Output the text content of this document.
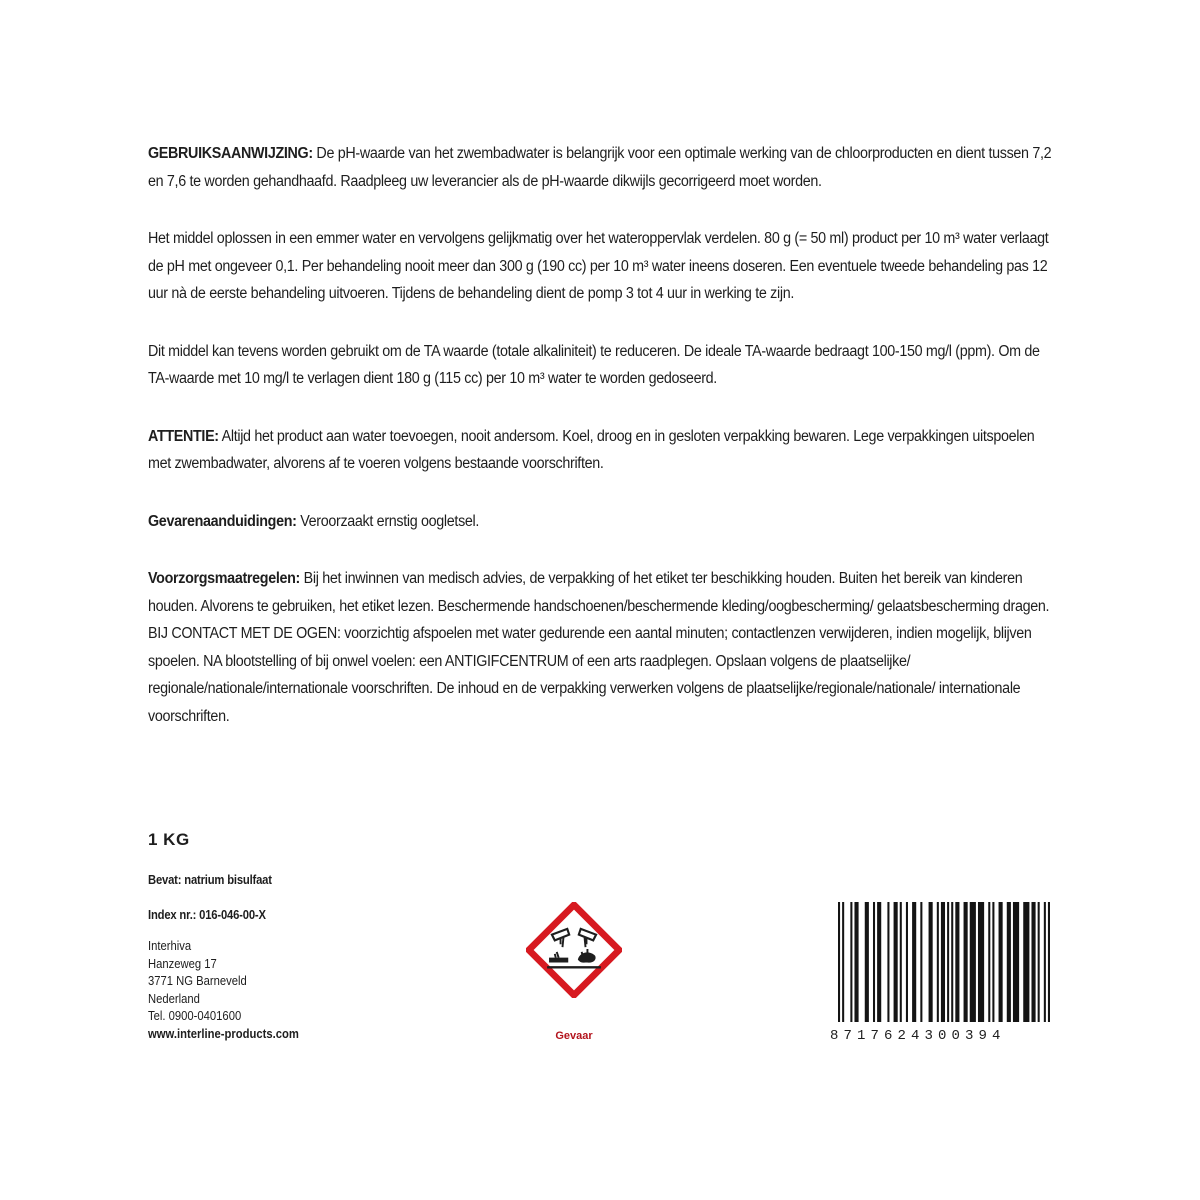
GEBRUIKSAANWIJZING: De pH-waarde van het zwembadwater is belangrijk voor een optimale werking van de chloorproducten en dient tussen 7,2 en 7,6 te worden gehandhaafd. Raadpleeg uw leverancier als de pH-waarde dikwijls gecorrigeerd moet worden.

Het middel oplossen in een emmer water en vervolgens gelijkmatig over het wateroppervlak verdelen. 80 g (= 50 ml) product per 10 m³ water verlaagt de pH met ongeveer 0,1. Per behandeling nooit meer dan 300 g (190 cc) per 10 m³ water ineens doseren. Een eventuele tweede behandeling pas 12 uur nà de eerste behandeling uitvoeren. Tijdens de behandeling dient de pomp 3 tot 4 uur in werking te zijn.

Dit middel kan tevens worden gebruikt om de TA waarde (totale alkaliniteit) te reduceren. De ideale TA-waarde bedraagt 100-150 mg/l (ppm). Om de TA-waarde met 10 mg/l te verlagen dient 180 g (115 cc) per 10 m³ water te worden gedoseerd.

ATTENTIE: Altijd het product aan water toevoegen, nooit andersom. Koel, droog en in gesloten verpakking bewaren. Lege verpakkingen uitspoelen met zwembadwater, alvorens af te voeren volgens bestaande voorschriften.

Gevarenaanduidingen: Veroorzaakt ernstig oogletsel.

Voorzorgsmaatregelen: Bij het inwinnen van medisch advies, de verpakking of het etiket ter beschikking houden. Buiten het bereik van kinderen houden. Alvorens te gebruiken, het etiket lezen. Beschermende handschoenen/beschermende kleding/oogbescherming/ gelaatsbescherming dragen.

BIJ CONTACT MET DE OGEN: voorzichtig afspoelen met water gedurende een aantal minuten; contactlenzen verwijderen, indien mogelijk, blijven spoelen. NA blootstelling of bij onwel voelen: een ANTIGIFCENTRUM of een arts raadplegen. Opslaan volgens de plaatselijke/ regionale/nationale/internationale voorschriften. De inhoud en de verpakking verwerken volgens de plaatselijke/regionale/nationale/ internationale voorschriften.

1 KG
Bevat: natrium bisulfaat
Index nr.: 016-046-00-X
Interhiva
Hanzeweg 17
3771 NG Barneveld
Nederland
Tel. 0900-0401600
www.interline-products.com	Gevaar	8717624300394
